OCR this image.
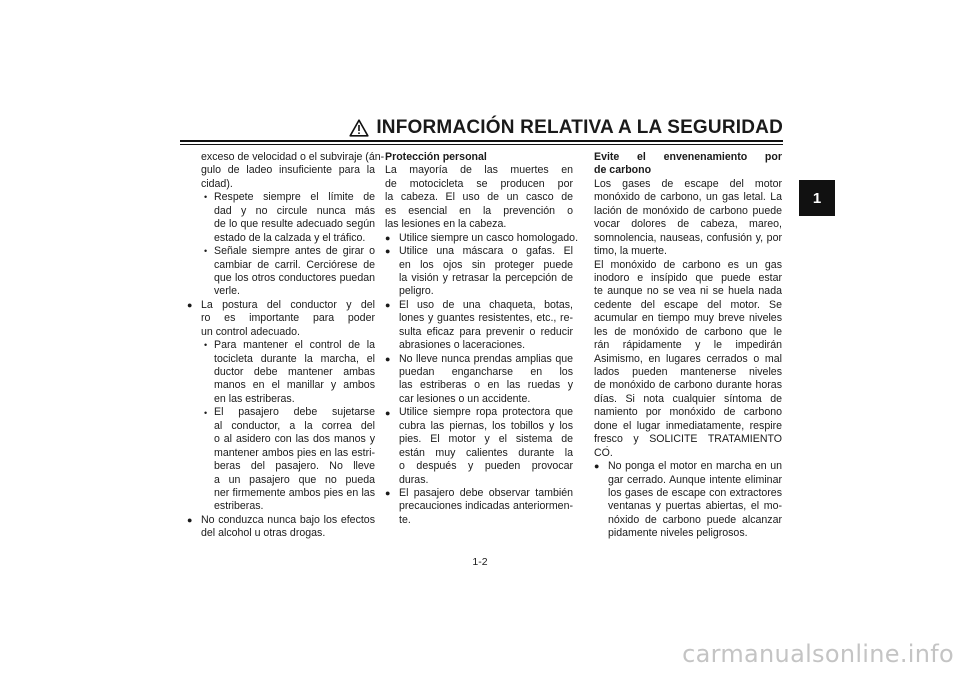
INFORMACIÓN RELATIVA A LA SEGURIDAD
1
exceso de velocidad o el subviraje (án-
gulo de ladeo insuficiente para la
cidad).
Respete siempre el límite de
•
dad y no circule nunca más
de lo que resulte adecuado según
estado de la calzada y el tráfico.
Señale siempre antes de girar o
•
cambiar de carril. Cerciórese de
que los otros conductores puedan
verle.
La postura del conductor y del
●
ro es importante para poder
un control adecuado.
Para mantener el control de la
•
tocicleta durante la marcha, el
ductor debe mantener ambas
manos en el manillar y ambos
en las estriberas.
El pasajero debe sujetarse
•
al conductor, a la correa del
o al asidero con las dos manos y
mantener ambos pies en las estri-
beras del pasajero. No lleve
a un pasajero que no pueda
ner firmemente ambos pies en las
estriberas.
No conduzca nunca bajo los efectos
●
del alcohol u otras drogas.
Protección personal
La mayoría de las muertes en
de motocicleta se producen por
la cabeza. El uso de un casco de
es esencial en la prevención o
las lesiones en la cabeza.
Utilice siempre un casco homologado.
●
Utilice una máscara o gafas. El
●
en los ojos sin proteger puede
la visión y retrasar la percepción de
peligro.
El uso de una chaqueta, botas,
●
lones y guantes resistentes, etc., re-
sulta eficaz para prevenir o reducir
abrasiones o laceraciones.
No lleve nunca prendas amplias que
●
puedan engancharse en los
las estriberas o en las ruedas y
car lesiones o un accidente.
Utilice siempre ropa protectora que
●
cubra las piernas, los tobillos y los
pies. El motor y el sistema de
están muy calientes durante la
o después y pueden provocar
duras.
El pasajero debe observar también
●
precauciones indicadas anteriormen-
te.
Evite el envenenamiento por
de carbono
Los gases de escape del motor
monóxido de carbono, un gas letal. La
lación de monóxido de carbono puede
vocar dolores de cabeza, mareo,
somnolencia, nauseas, confusión y, por
timo, la muerte.
El monóxido de carbono es un gas
inodoro e insípido que puede estar
te aunque no se vea ni se huela nada
cedente del escape del motor. Se
acumular en tiempo muy breve niveles
les de monóxido de carbono que le
rán rápidamente y le impedirán
Asimismo, en lugares cerrados o mal
lados pueden mantenerse niveles
de monóxido de carbono durante horas
días. Si nota cualquier síntoma de
namiento por monóxido de carbono
done el lugar inmediatamente, respire
fresco y SOLICITE TRATAMIENTO
CO.
No ponga el motor en marcha en un
●
gar cerrado. Aunque intente eliminar
los gases de escape con extractores
ventanas y puertas abiertas, el mo-
nóxido de carbono puede alcanzar
pidamente niveles peligrosos.
1-2
carmanualsonline.info
